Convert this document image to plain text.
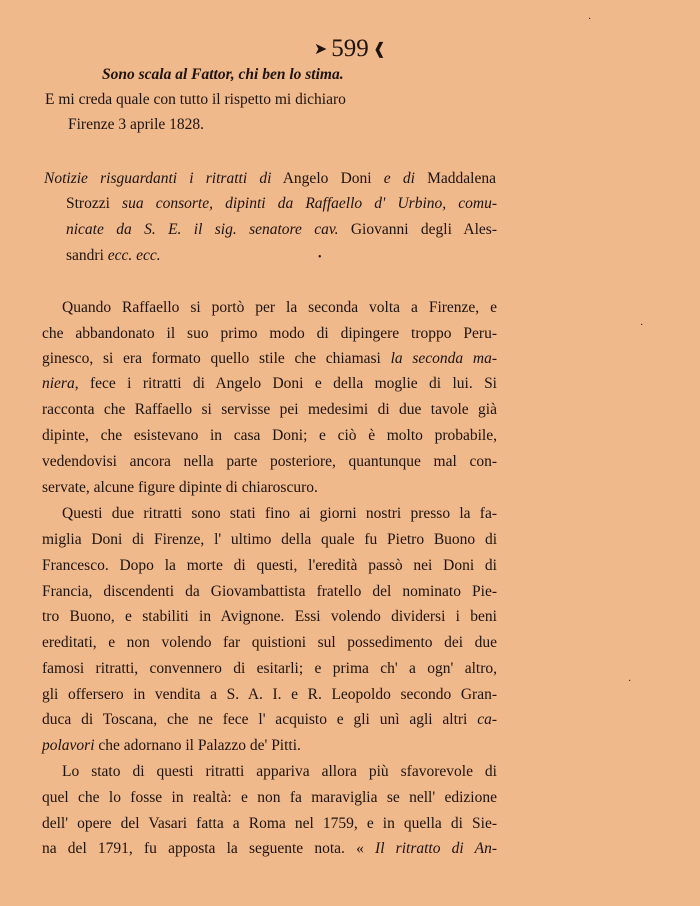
➤ 599 ❰
Sono scala al Fattor, chi ben lo stima.
E mi creda quale con tutto il rispetto mi dichiaro
Firenze 3 aprile 1828.
Notizie risguardanti i ritratti di Angelo Doni e di Maddalena
Strozzi sua consorte, dipinti da Raffaello d' Urbino, comu-
nicate da S. E. il sig. senatore cav. Giovanni degli Ales-
sandri ecc. ecc.
Quando Raffaello si portò per la seconda volta a Firenze, e
che abbandonato il suo primo modo di dipingere troppo Peru-
ginesco, si era formato quello stile che chiamasi la seconda ma-
niera, fece i ritratti di Angelo Doni e della moglie di lui. Si
racconta che Raffaello si servisse pei medesimi di due tavole già
dipinte, che esistevano in casa Doni; e ciò è molto probabile,
vedendovisi ancora nella parte posteriore, quantunque mal con-
servate, alcune figure dipinte di chiaroscuro.
Questi due ritratti sono stati fino ai giorni nostri presso la fa-
miglia Doni di Firenze, l' ultimo della quale fu Pietro Buono di
Francesco. Dopo la morte di questi, l'eredità passò nei Doni di
Francia, discendenti da Giovambattista fratello del nominato Pie-
tro Buono, e stabiliti in Avignone. Essi volendo dividersi i beni
ereditati, e non volendo far quistioni sul possedimento dei due
famosi ritratti, convennero di esitarli; e prima ch' a ogn' altro,
gli offersero in vendita a S. A. I. e R. Leopoldo secondo Gran-
duca di Toscana, che ne fece l' acquisto e gli unì agli altri ca-
polavori che adornano il Palazzo de' Pitti.
Lo stato di questi ritratti appariva allora più sfavorevole di
quel che lo fosse in realtà: e non fa maraviglia se nell' edizione
dell' opere del Vasari fatta a Roma nel 1759, e in quella di Sie-
na del 1791, fu apposta la seguente nota. « Il ritratto di An-
·
·
·
•
